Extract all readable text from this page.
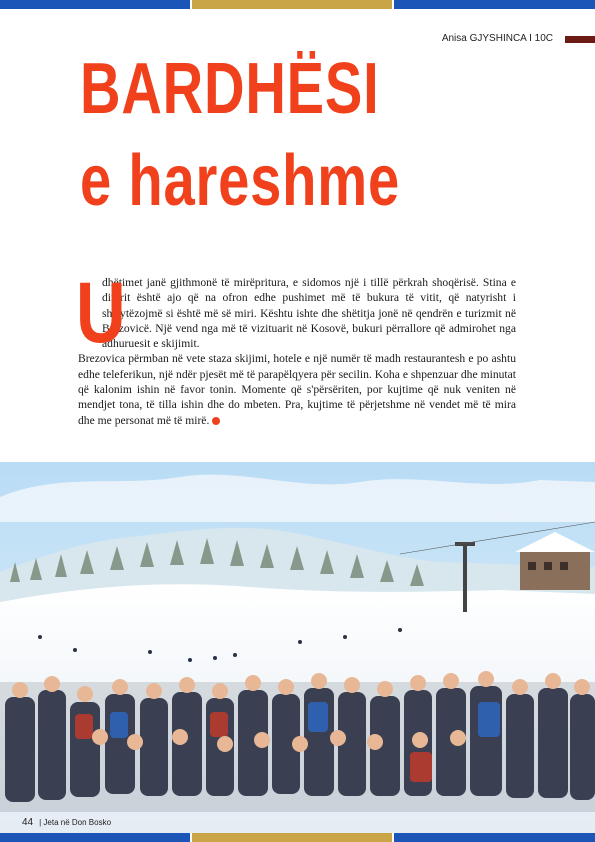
Anisa GJYSHINCA I 10C
BARDHËSI
e hareshme
U

dhëtimet janë gjithmonë të mirëpritura, e sidomos një i tillë përkrah shoqërisë. Stina e dimrit është ajo që na ofron edhe pushimet më të bukura të vitit, që natyrisht i shfrytëzojmë si është më së miri. Kështu ishte dhe shëtitja jonë në qendrën e turizmit në Brezovicë. Një vend nga më të vizituarit në Kosovë, bukuri përrallore që admirohet nga adhuruesit e skijimit.

Brezovica përmban në vete staza skijimi, hotele e një numër të madh restaurantesh e po ashtu edhe teleferikun, një ndër pjesët më të parapëlqyera për secilin. Koha e shpenzuar dhe minutat që kalonim ishin në favor tonin. Momente që s'përsëriten, por kujtime që nuk veniten në mendjet tona, të tilla ishin dhe do mbeten. Pra, kujtime të përjetshme në vendet më të mira dhe me personat më të mirë.

44 | Jeta në Don Bosko
